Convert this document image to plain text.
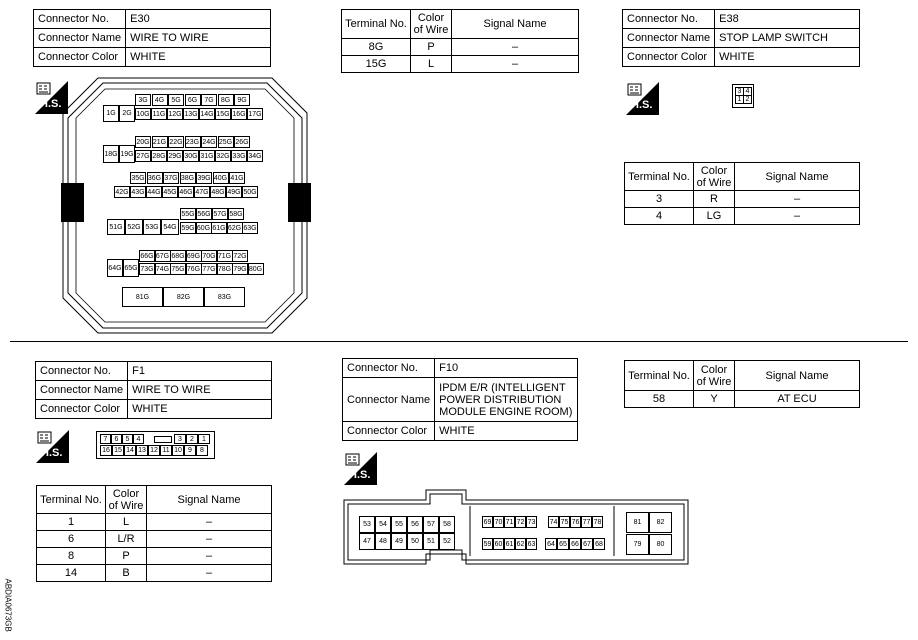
Connector No.	E30
Connector Name	WIRE TO WIRE
Connector Color	WHITE
H.S.
1G 2G
3G	4G	5G	6G	7G	8G	9G
10G 11G 12G 13G 14G 15G 16G 17G
18G 19G
20G 21G 22G 23G 24G 25G 26G
27G 28G 29G 30G 31G 32G 33G 34G
35G 36G 37G 38G 39G 40G 41G
42G 43G 44G 45G 46G 47G 48G 49G 50G
51G 52G 53G 54G
55G 56G 57G 58G
59G 60G 61G 62G 63G
64G 65G
66G 67G 68G 69G 70G 71G 72G
73G 74G 75G 76G 77G 78G 79G 80G
81G	82G	83G
Terminal No.	Color of Wire	Signal Name
8G	P	–
15G	L	–
Connector No.	E38
Connector Name	STOP LAMP SWITCH
Connector Color	WHITE
H.S.
3 4
1 2
Terminal No.	Color of Wire	Signal Name
3	R	–
4	LG	–
Connector No.	F1
Connector Name	WIRE TO WIRE
Connector Color	WHITE
H.S.
7	6	5	4	3	2	1
16 15 14 13 12 11 10 9	8
Terminal No.	Color of Wire	Signal Name
1	L	–
6	L/R	–
8	P	–
14	B	–
Connector No.	F10
Connector Name	IPDM E/R (INTELLIGENT POWER DISTRIBUTION MODULE ENGINE ROOM)
Connector Color	WHITE
H.S.
53	54	55	56	57	58
47	48	49	50	51	52
69 70 71 72 73 74 75 76 77 78
59 60 61 62 63 64 65 66 67 68
81	82
79	80
Terminal No.	Color of Wire	Signal Name
58	Y	AT ECU
ABDIA0673GB
